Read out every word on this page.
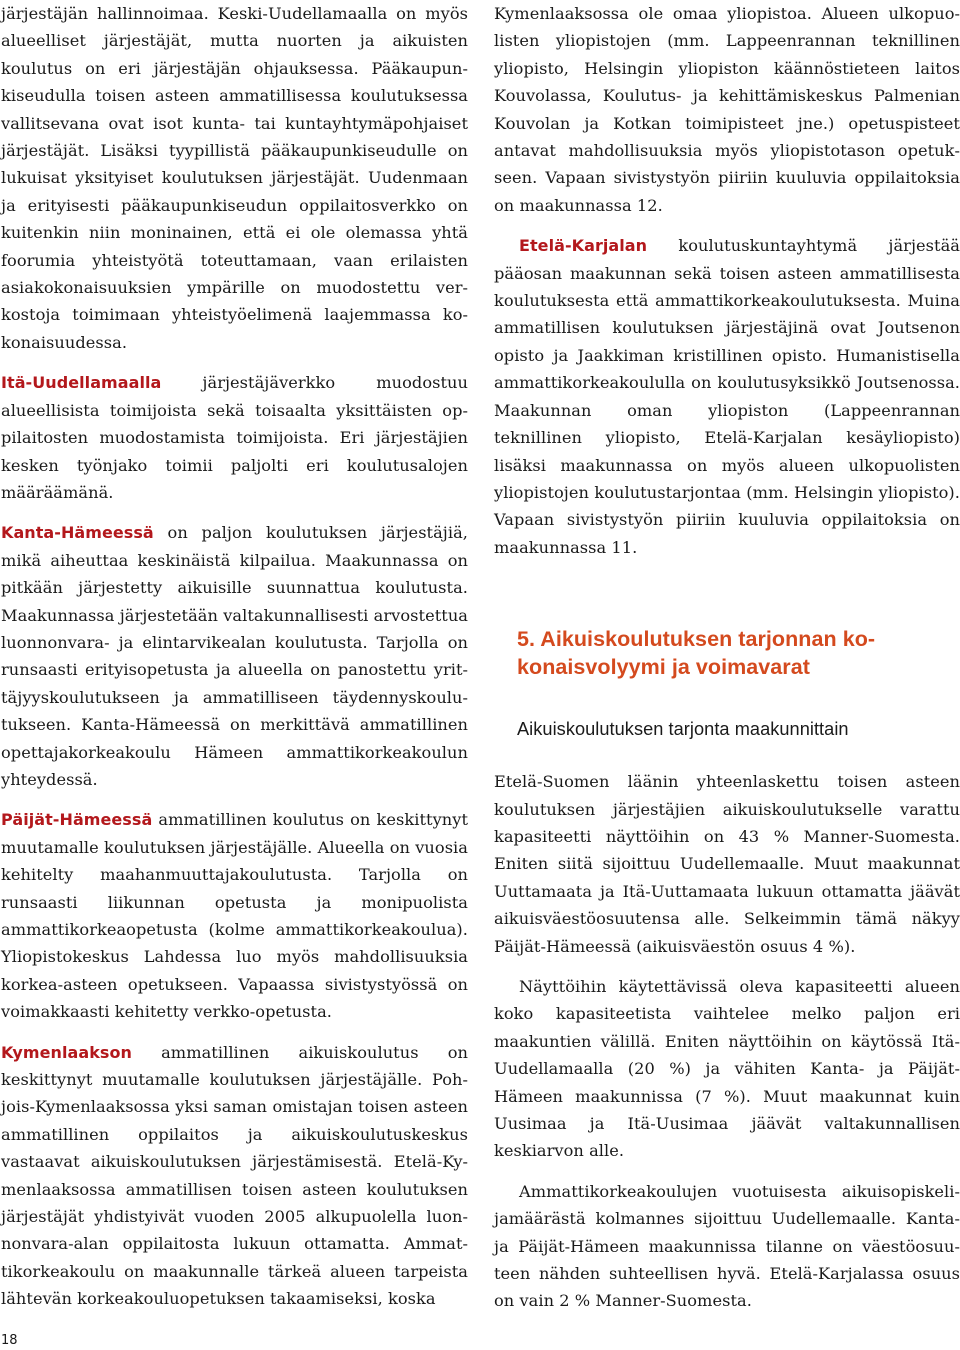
järjestäjän hallinnoimaa. Keski-Uudellamaalla on myös alueelliset järjestäjät, mutta nuorten ja aikuisten koulutus on eri järjestäjän ohjauksessa. Pääkaupunkiseudulla toisen asteen ammatillisessa koulutuksessa vallitsevana ovat isot kunta- tai kuntayhtymäpohjaiset järjestäjät. Lisäksi tyypillistä pääkaupunkiseudulle on lukuisat yksityiset koulutuksen järjestäjät. Uudenmaan ja erityisesti pääkaupunkiseudun oppilaitosverkko on kuitenkin niin moninainen, että ei ole olemassa yhtä foorumia yhteistyötä toteuttamaan, vaan erilaisten asiakokonaisuuksien ympärille on muodostettu verkostoja toimimaan yhteistyöelimenä laajemmassa kokonaisuudessa.

Itä-Uudellamaalla järjestäjäverkko muodostuu alueellisista toimijoista sekä toisaalta yksittäisten oppilaitosten muodostamista toimijoista. Eri järjestäjien kesken työnjako toimii paljolti eri koulutusalojen määräämänä.

Kanta-Hämeessä on paljon koulutuksen järjestäjiä, mikä aiheuttaa keskinäistä kilpailua. Maakunnassa on pitkään järjestetty aikuisille suunnattua koulutusta. Maakunnassa järjestetään valtakunnallisesti arvostettua luonnonvara- ja elintarvikealan koulutusta. Tarjolla on runsaasti erityisopetusta ja alueella on panostettu yrittäjyyskoulutukseen ja ammatilliseen täydennyskoulutukseen. Kanta-Hämeessä on merkittävä ammatillinen opettajakorkeakoulu Hämeen ammattikorkeakoulun yhteydessä.

Päijät-Hämeessä ammatillinen koulutus on keskittynyt muutamalle koulutuksen järjestäjälle. Alueella on vuosia kehitelty maahanmuuttajakoulutusta. Tarjolla on runsaasti liikunnan opetusta ja monipuolista ammattikorkeaopetusta (kolme ammattikorkeakoulua). Yliopistokeskus Lahdessa luo myös mahdollisuuksia korkea-asteen opetukseen. Vapaassa sivistystyössä on voimakkaasti kehitetty verkko-opetusta.

Kymenlaakson ammatillinen aikuiskoulutus on keskittynyt muutamalle koulutuksen järjestäjälle. Pohjois-Kymenlaaksossa yksi saman omistajan toisen asteen ammatillinen oppilaitos ja aikuiskoulutuskeskus vastaavat aikuiskoulutuksen järjestämisestä. Etelä-Kymenlaaksossa ammatillisen toisen asteen koulutuksen järjestäjät yhdistyivät vuoden 2005 alkupuolella luonnonvara-alan oppilaitosta lukuun ottamatta. Ammattikorkeakoulu on maakunnalle tärkeä alueen tarpeista lähtevän korkeakouluopetuksen takaamiseksi, koska

Kymenlaaksossa ole omaa yliopistoa. Alueen ulkopuolisten yliopistojen (mm. Lappeenrannan teknillinen yliopisto, Helsingin yliopiston käännöstieteen laitos Kouvolassa, Koulutus- ja kehittämiskeskus Palmenian Kouvolan ja Kotkan toimipisteet jne.) opetuspisteet antavat mahdollisuuksia myös yliopistotason opetukseen. Vapaan sivistystyön piiriin kuuluvia oppilaitoksia on maakunnassa 12.

Etelä-Karjalan koulutuskuntayhtymä järjestää pääosan maakunnan sekä toisen asteen ammatillisesta koulutuksesta että ammattikorkeakoulutuksesta. Muina ammatillisen koulutuksen järjestäjinä ovat Joutsenon opisto ja Jaakkiman kristillinen opisto. Humanistisella ammattikorkeakoululla on koulutusyksikkö Joutsenossa. Maakunnan oman yliopiston (Lappeenrannan teknillinen yliopisto, Etelä-Karjalan kesäyliopisto) lisäksi maakunnassa on myös alueen ulkopuolisten yliopistojen koulutustarjontaa (mm. Helsingin yliopisto). Vapaan sivistystyön piiriin kuuluvia oppilaitoksia on maakunnassa 11.

5. Aikuiskoulutuksen tarjonnan kokonaisvolyymi ja voimavarat

Aikuiskoulutuksen tarjonta maakunnittain

Etelä-Suomen läänin yhteenlaskettu toisen asteen koulutuksen järjestäjien aikuiskoulutukselle varattu kapasiteetti näyttöihin on 43 % Manner-Suomesta. Eniten siitä sijoittuu Uudellemaalle. Muut maakunnat Uuttamaata ja Itä-Uuttamaata lukuun ottamatta jäävät aikuisväestöosuutensa alle. Selkeimmin tämä näkyy Päijät-Hämeessä (aikuisväestön osuus 4 %).

Näyttöihin käytettävissä oleva kapasiteetti alueen koko kapasiteetista vaihtelee melko paljon eri maakuntien välillä. Eniten näyttöihin on käytössä Itä-Uudellamaalla (20 %) ja vähiten Kanta- ja Päijät-Hämeen maakunnissa (7 %). Muut maakunnat kuin Uusimaa ja Itä-Uusimaa jäävät valtakunnallisen keskiarvon alle.

Ammattikorkeakoulujen vuotuisesta aikuisopiskelijamäärästä kolmannes sijoittuu Uudellemaalle. Kanta- ja Päijät-Hämeen maakunnissa tilanne on väestöosuuteen nähden suhteellisen hyvä. Etelä-Karjalassa osuus on vain 2 % Manner-Suomesta.

18
